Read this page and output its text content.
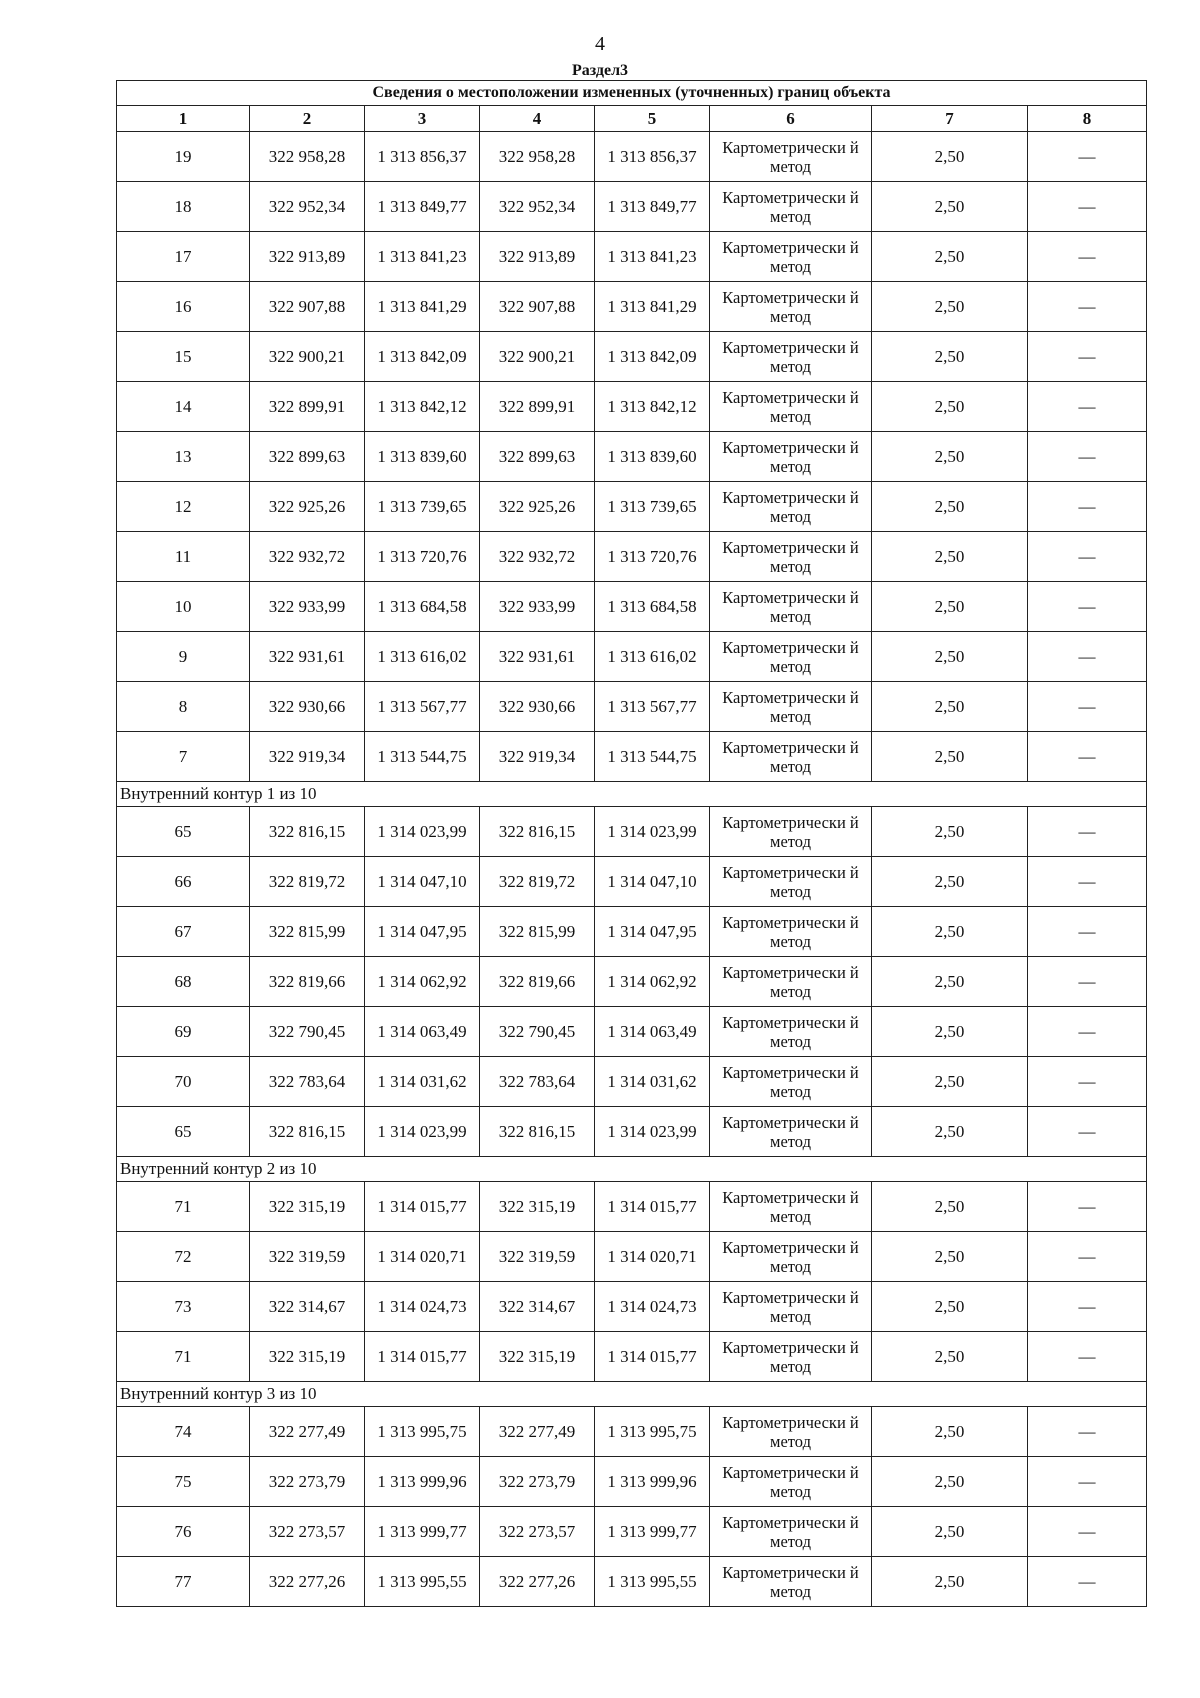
4
Раздел3
Сведения о местоположении измененных (уточненных) границ объекта							
1	2	3	4	5	6	7	8
19	322 958,28	1 313 856,37	322 958,28	1 313 856,37	Картометрически й метод	2,50	—
18	322 952,34	1 313 849,77	322 952,34	1 313 849,77	Картометрически й метод	2,50	—
17	322 913,89	1 313 841,23	322 913,89	1 313 841,23	Картометрически й метод	2,50	—
16	322 907,88	1 313 841,29	322 907,88	1 313 841,29	Картометрически й метод	2,50	—
15	322 900,21	1 313 842,09	322 900,21	1 313 842,09	Картометрически й метод	2,50	—
14	322 899,91	1 313 842,12	322 899,91	1 313 842,12	Картометрически й метод	2,50	—
13	322 899,63	1 313 839,60	322 899,63	1 313 839,60	Картометрически й метод	2,50	—
12	322 925,26	1 313 739,65	322 925,26	1 313 739,65	Картометрически й метод	2,50	—
11	322 932,72	1 313 720,76	322 932,72	1 313 720,76	Картометрически й метод	2,50	—
10	322 933,99	1 313 684,58	322 933,99	1 313 684,58	Картометрически й метод	2,50	—
9	322 931,61	1 313 616,02	322 931,61	1 313 616,02	Картометрически й метод	2,50	—
8	322 930,66	1 313 567,77	322 930,66	1 313 567,77	Картометрически й метод	2,50	—
7	322 919,34	1 313 544,75	322 919,34	1 313 544,75	Картометрически й метод	2,50	—
Внутренний контур 1 из 10							
65	322 816,15	1 314 023,99	322 816,15	1 314 023,99	Картометрически й метод	2,50	—
66	322 819,72	1 314 047,10	322 819,72	1 314 047,10	Картометрически й метод	2,50	—
67	322 815,99	1 314 047,95	322 815,99	1 314 047,95	Картометрически й метод	2,50	—
68	322 819,66	1 314 062,92	322 819,66	1 314 062,92	Картометрически й метод	2,50	—
69	322 790,45	1 314 063,49	322 790,45	1 314 063,49	Картометрически й метод	2,50	—
70	322 783,64	1 314 031,62	322 783,64	1 314 031,62	Картометрически й метод	2,50	—
65	322 816,15	1 314 023,99	322 816,15	1 314 023,99	Картометрически й метод	2,50	—
Внутренний контур 2 из 10							
71	322 315,19	1 314 015,77	322 315,19	1 314 015,77	Картометрически й метод	2,50	—
72	322 319,59	1 314 020,71	322 319,59	1 314 020,71	Картометрически й метод	2,50	—
73	322 314,67	1 314 024,73	322 314,67	1 314 024,73	Картометрически й метод	2,50	—
71	322 315,19	1 314 015,77	322 315,19	1 314 015,77	Картометрически й метод	2,50	—
Внутренний контур 3 из 10							
74	322 277,49	1 313 995,75	322 277,49	1 313 995,75	Картометрически й метод	2,50	—
75	322 273,79	1 313 999,96	322 273,79	1 313 999,96	Картометрически й метод	2,50	—
76	322 273,57	1 313 999,77	322 273,57	1 313 999,77	Картометрически й метод	2,50	—
77	322 277,26	1 313 995,55	322 277,26	1 313 995,55	Картометрически й метод	2,50	—
